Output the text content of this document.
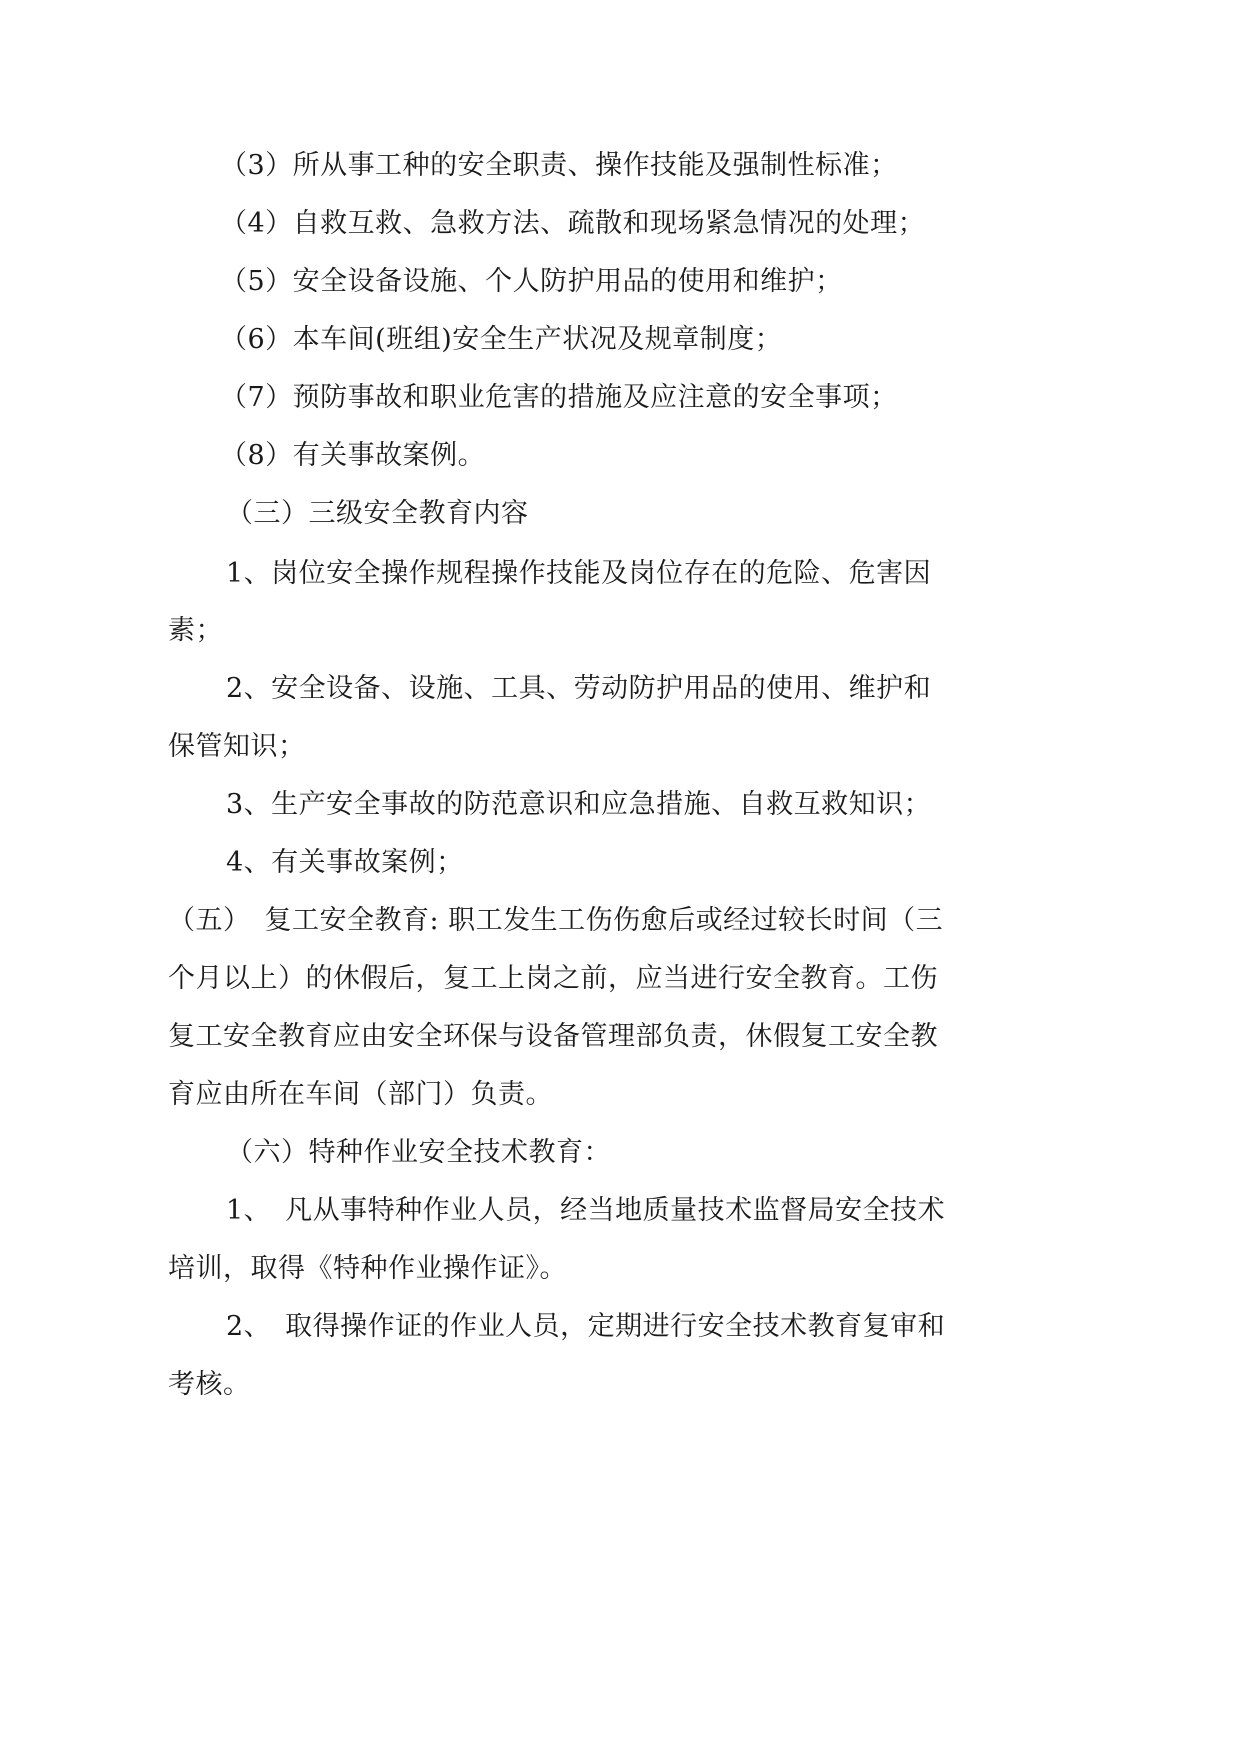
（3）所从事工种的安全职责、操作技能及强制性标准；
（4）自救互救、急救方法、疏散和现场紧急情况的处理；
（5）安全设备设施、个人防护用品的使用和维护；
（6）本车间(班组)安全生产状况及规章制度；
（7）预防事故和职业危害的措施及应注意的安全事项；
（8）有关事故案例。
（三）三级安全教育内容
1、岗位安全操作规程操作技能及岗位存在的危险、危害因
素；
2、安全设备、设施、工具、劳动防护用品的使用、维护和
保管知识；
3、生产安全事故的防范意识和应急措施、自救互救知识；
4、有关事故案例；
（五）　复工安全教育: 职工发生工伤伤愈后或经过较长时间（三
个月以上）的休假后，复工上岗之前，应当进行安全教育。工伤
复工安全教育应由安全环保与设备管理部负责，休假复工安全教
育应由所在车间（部门）负责。
（六）特种作业安全技术教育：
1、　凡从事特种作业人员，经当地质量技术监督局安全技术
培训，取得《特种作业操作证》。
2、　取得操作证的作业人员，定期进行安全技术教育复审和
考核。
